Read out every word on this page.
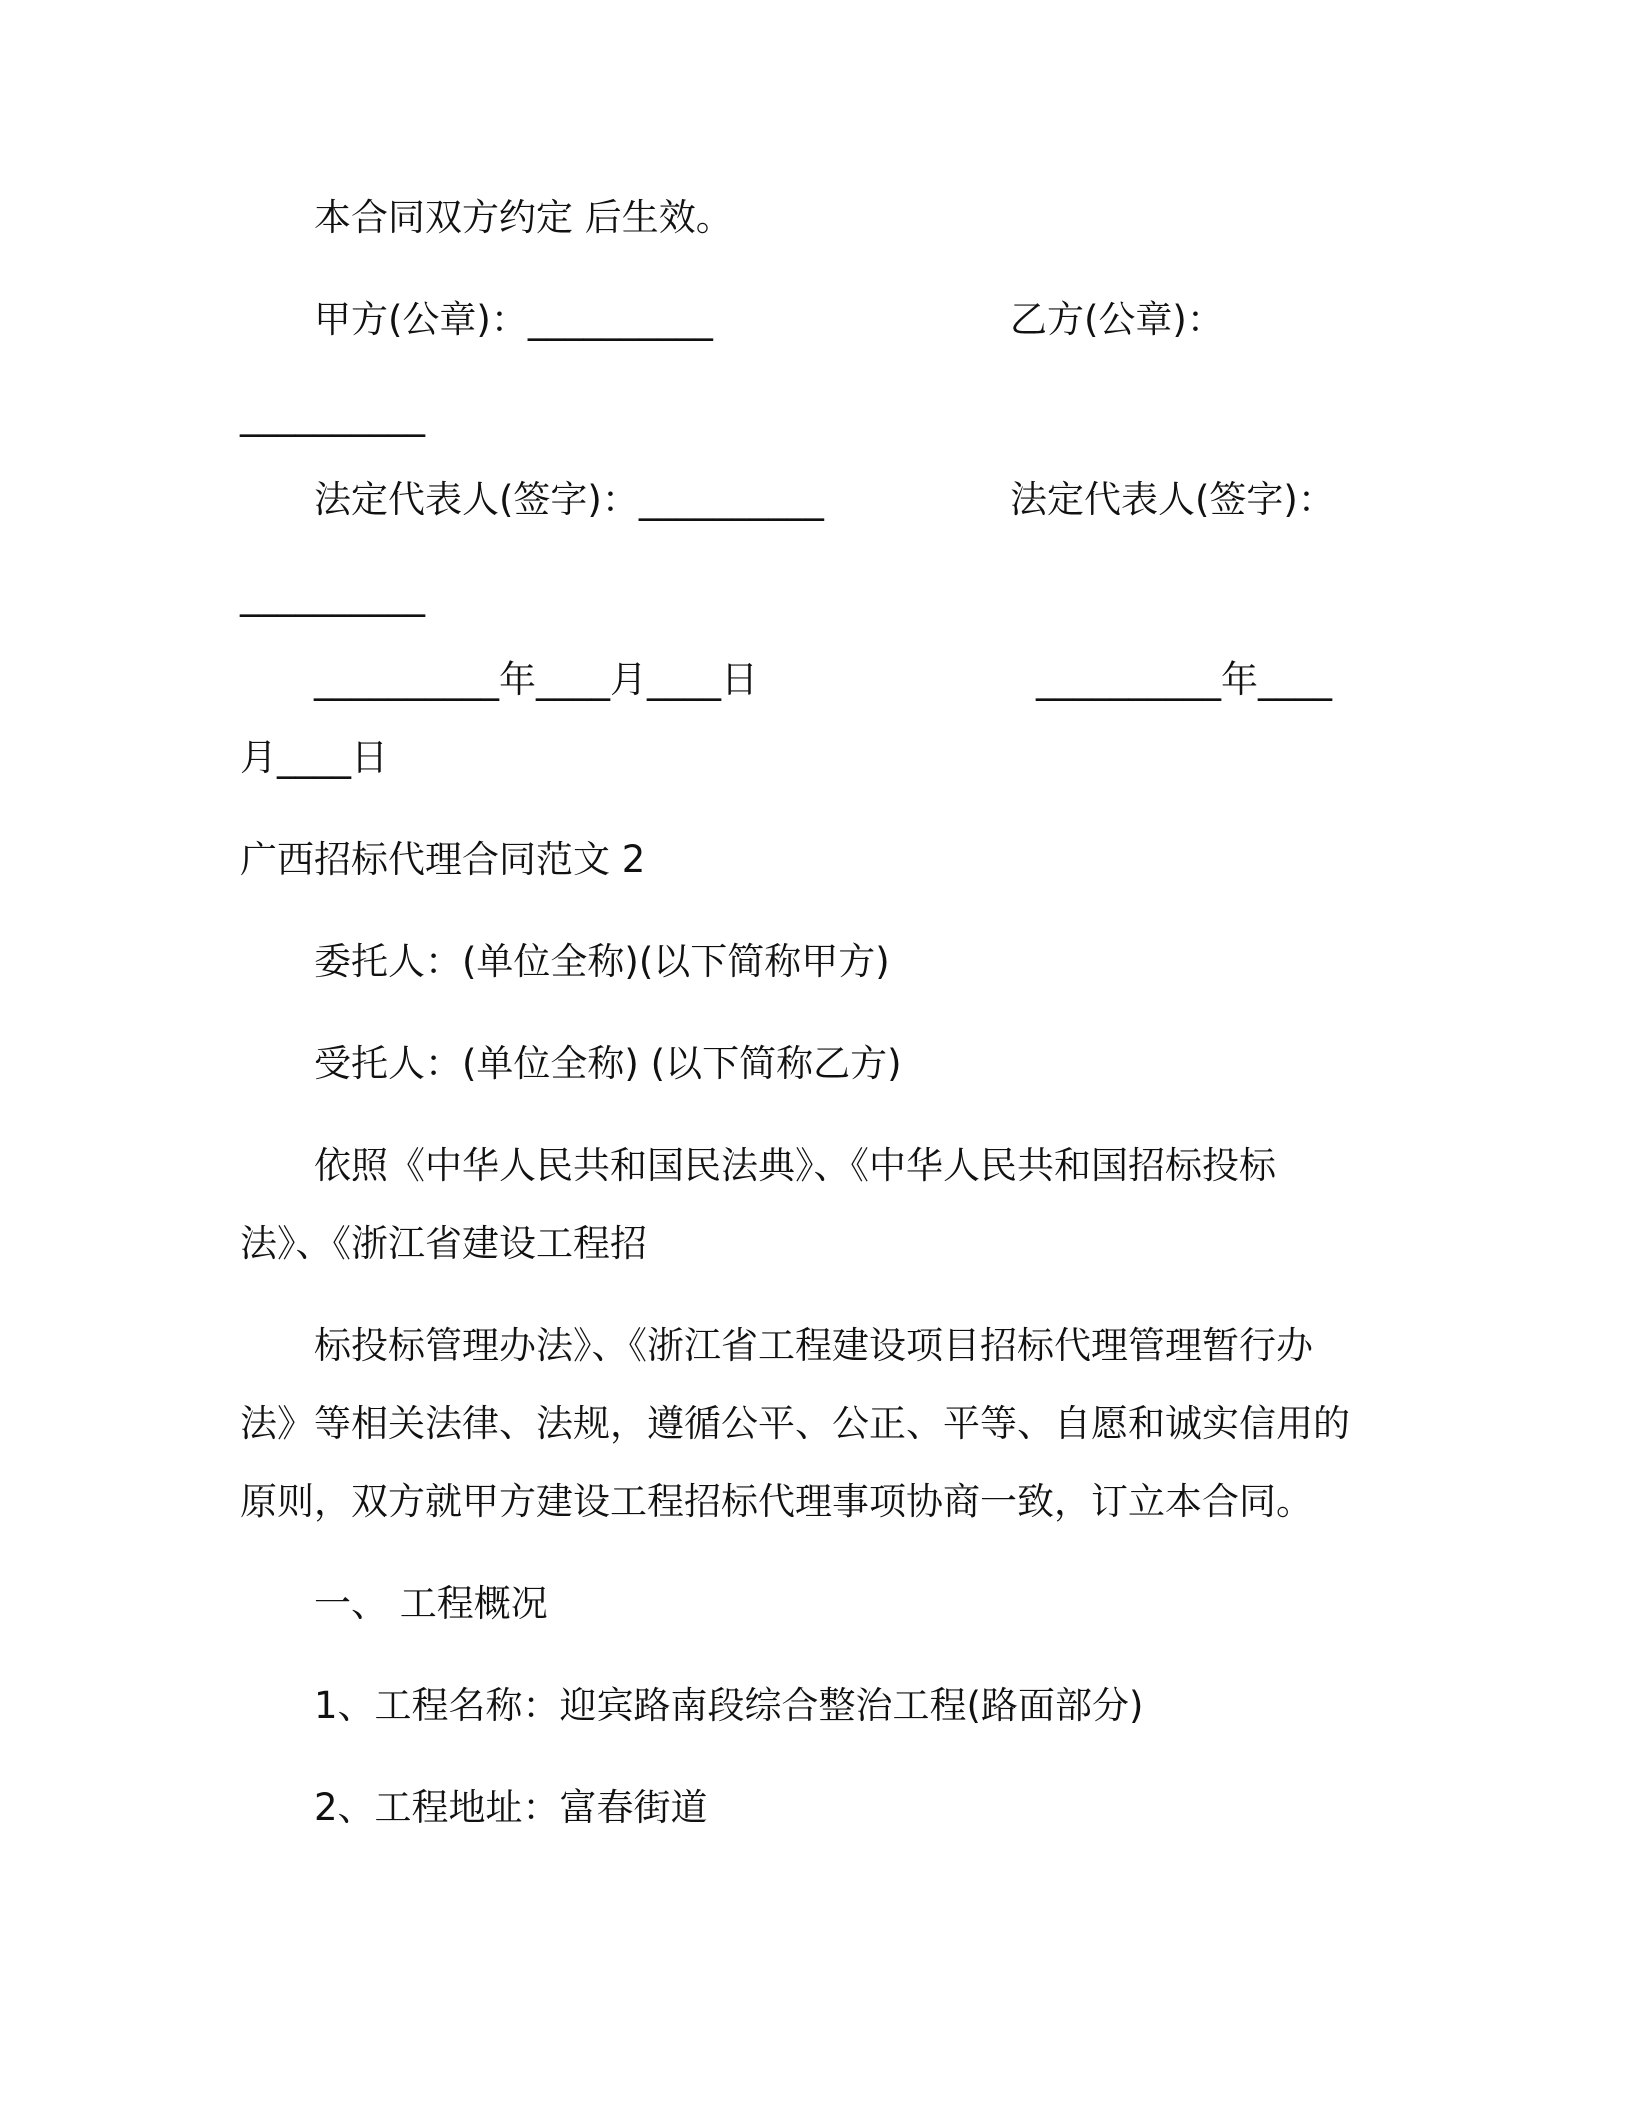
本合同双方约定 后生效。
甲方(公章)：__________	乙方(公章)：
__________
法定代表人(签字)：__________	法定代表人(签字)：
__________
__________年____月____日	__________年____
月____日
广西招标代理合同范文 2
委托人：(单位全称)(以下简称甲方)
受托人：(单位全称) (以下简称乙方)
依照《中华人民共和国民法典》、《中华人民共和国招标投标
法》、《浙江省建设工程招
标投标管理办法》、《浙江省工程建设项目招标代理管理暂行办
法》等相关法律、法规，遵循公平、公正、平等、自愿和诚实信用的
原则，双方就甲方建设工程招标代理事项协商一致，订立本合同。
一、 工程概况
1、工程名称：迎宾路南段综合整治工程(路面部分)
2、工程地址：富春街道
